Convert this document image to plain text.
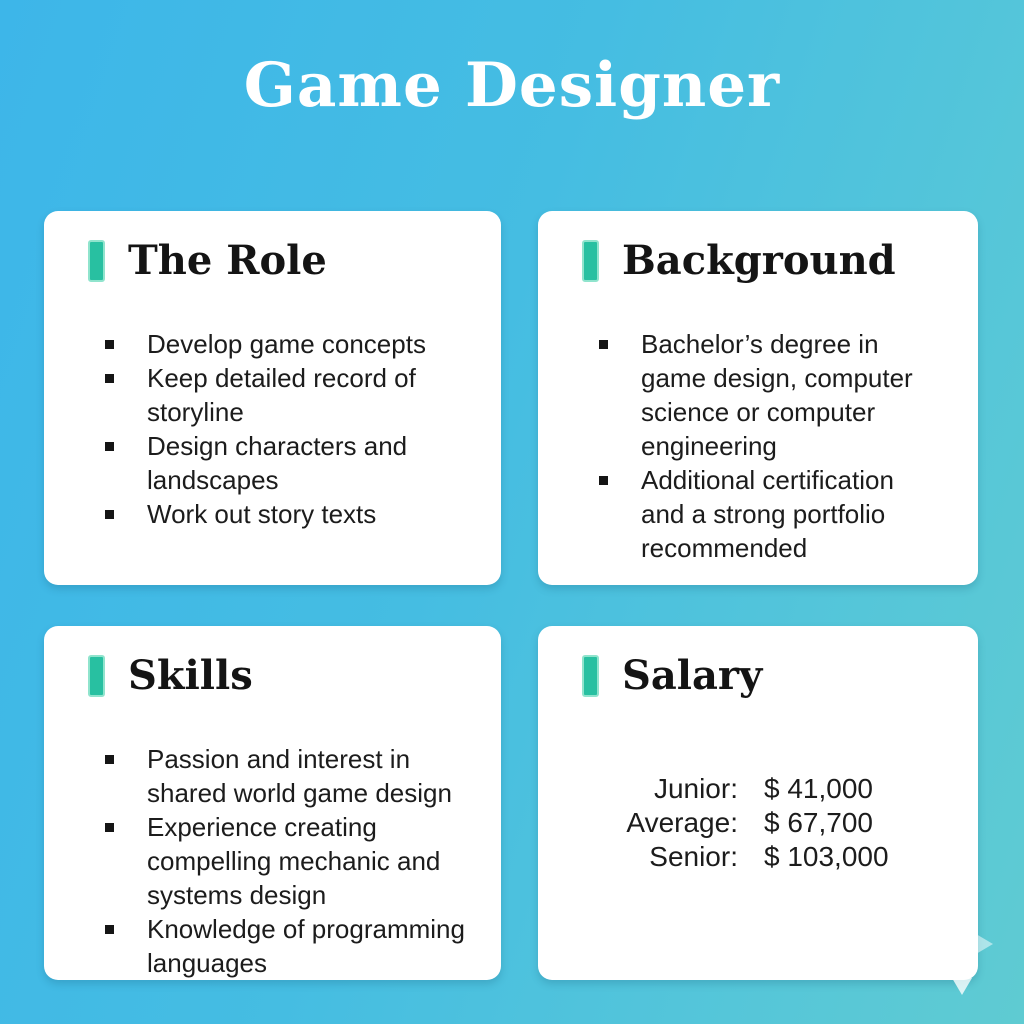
Game Designer
The Role
Develop game concepts
Keep detailed record of storyline
Design characters and landscapes
Work out story texts
Background
Bachelor’s degree in game design, computer science or computer engineering
Additional certification and a strong portfolio recommended
Skills
Passion and interest in shared world game design
Experience creating compelling mechanic and systems design
Knowledge of programming languages
Salary
Junior: $ 41,000
Average: $ 67,700
Senior: $ 103,000
